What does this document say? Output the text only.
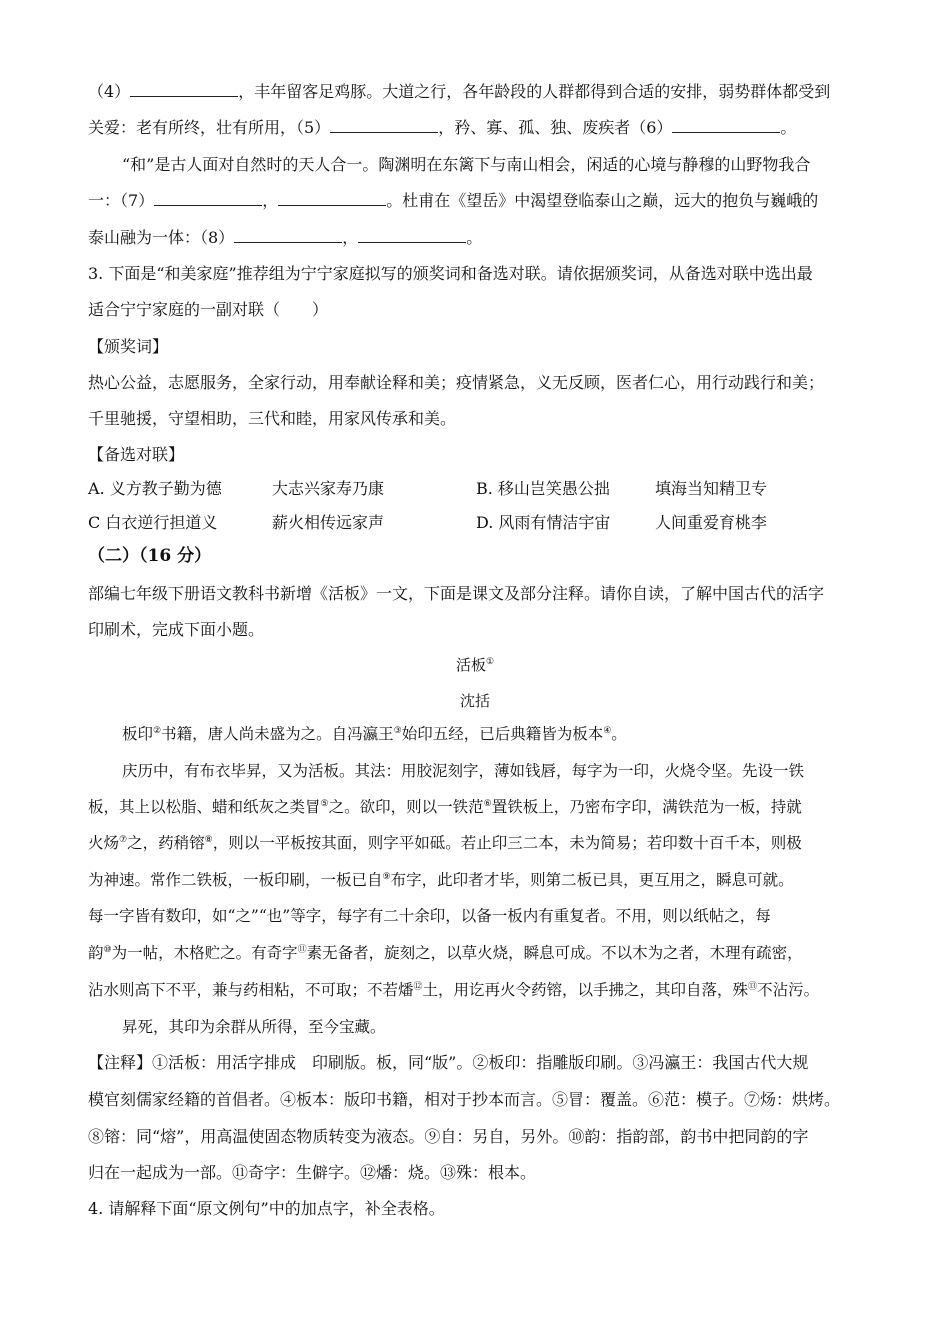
（4）	，丰年留客足鸡豚。大道之行，各年龄段的人群都得到合适的安排，弱势群体都受到
关爱：老有所终，壮有所用，（5）	，矜、寡、孤、独、废疾者（6）	。
“和”是古人面对自然时的天人合一。陶渊明在东篱下与南山相会，闲适的心境与静穆的山野物我合
一：（7）	，	。杜甫在《望岳》中渴望登临泰山之巅，远大的抱负与巍峨的
泰山融为一体：（8）	，	。
3. 下面是“和美家庭”推荐组为宁宁家庭拟写的颁奖词和备选对联。请依据颁奖词，从备选对联中选出最
适合宁宁家庭的一副对联（　　）
【颁奖词】
热心公益，志愿服务，全家行动，用奉献诠释和美；疫情紧急，义无反顾，医者仁心，用行动践行和美；
千里驰援，守望相助，三代和睦，用家风传承和美。
【备选对联】
A. 义方教子勤为德	大志兴家寿乃康	B. 移山岂笑愚公拙	填海当知精卫专
C 白衣逆行担道义	薪火相传远家声	D. 风雨有情洁宇宙	人间重爱育桃李
（二）（16 分）
部编七年级下册语文教科书新增《活板》一文，下面是课文及部分注释。请你自读，了解中国古代的活字
印刷术，完成下面小题。
活板①
沈括
板印②书籍，唐人尚未盛为之。自冯瀛王③始印五经，已后典籍皆为板本④。
庆历中，有布衣毕昇，又为活板。其法：用胶泥刻字，薄如钱唇，每字为一印，火烧令坚。先设一铁
板，其上以松脂、蜡和纸灰之类冒⑤之。欲印，则以一铁范⑥置铁板上，乃密布字印，满铁范为一板，持就
火炀⑦之，药稍镕⑧，则以一平板按其面，则字平如砥。若止印三二本，未为简易；若印数十百千本，则极
为神速。常作二铁板，一板印刷，一板已自⑨布字，此印者才毕，则第二板已具，更互用之，瞬息可就。
每一字皆有数印，如“之”“也”等字，每字有二十余印，以备一板内有重复者。不用，则以纸帖之，每
韵⑩为一帖，木格贮之。有奇字⑪素无备者，旋刻之，以草火烧，瞬息可成。不以木为之者，木理有疏密，
沾水则高下不平，兼与药相粘，不可取；不若燔⑫土，用讫再火令药镕，以手拂之，其印自落，殊⑬不沾污。
昇死，其印为余群从所得，至今宝藏。
【注释】①活板：用活字排成　印刷版。板，同“版”。②板印：指雕版印刷。③冯瀛王：我国古代大规
模官刻儒家经籍的首倡者。④板本：版印书籍，相对于抄本而言。⑤冒：覆盖。⑥范：模子。⑦炀：烘烤。
⑧镕：同“熔”，用高温使固态物质转变为液态。⑨自：另自，另外。⑩韵：指韵部，韵书中把同韵的字
归在一起成为一部。⑪奇字：生僻字。⑫燔：烧。⑬殊：根本。
4. 请解释下面“原文例句”中的加点字，补全表格。
